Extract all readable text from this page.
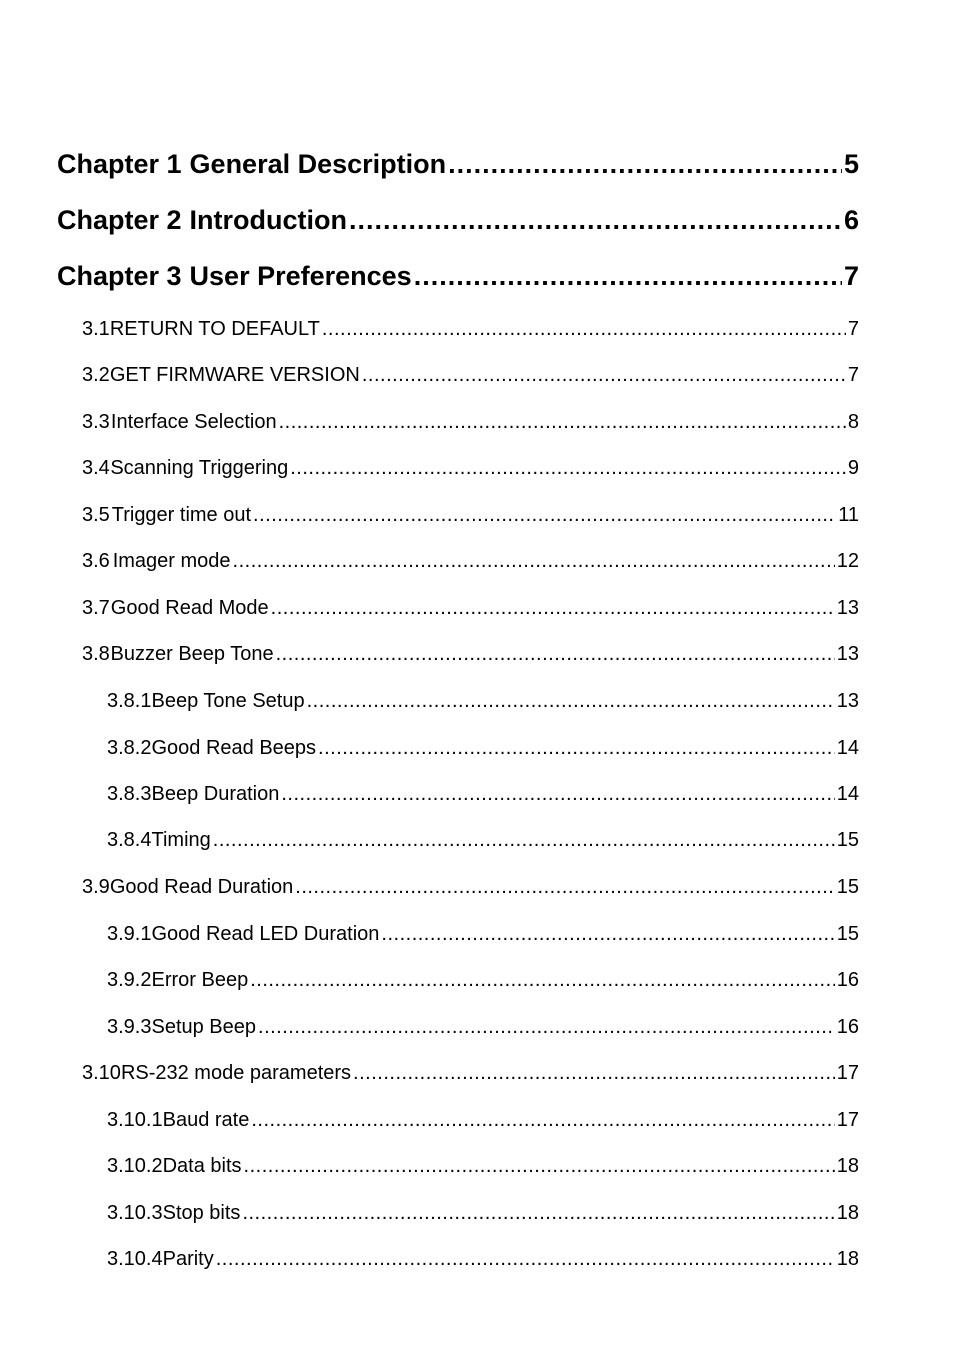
Chapter 1 General Description .....	5
Chapter 2 Introduction .....	6
Chapter 3 User Preferences .....	7
3.1 RETURN TO DEFAULT .....	7
3.2 GET FIRMWARE VERSION .....	7
3.3 Interface Selection .....	8
3.4 Scanning Triggering .....	9
3.5 Trigger time out .....	11
3.6 Imager mode .....	12
3.7 Good Read Mode .....	13
3.8 Buzzer Beep Tone .....	13
3.8.1 Beep Tone Setup .....	13
3.8.2 Good Read Beeps .....	14
3.8.3 Beep Duration .....	14
3.8.4 Timing .....	15
3.9 Good Read Duration .....	15
3.9.1 Good Read LED Duration .....	15
3.9.2 Error Beep .....	16
3.9.3 Setup Beep .....	16
3.10 RS-232 mode parameters .....	17
3.10.1 Baud rate .....	17
3.10.2 Data bits .....	18
3.10.3 Stop bits .....	18
3.10.4 Parity .....	18
